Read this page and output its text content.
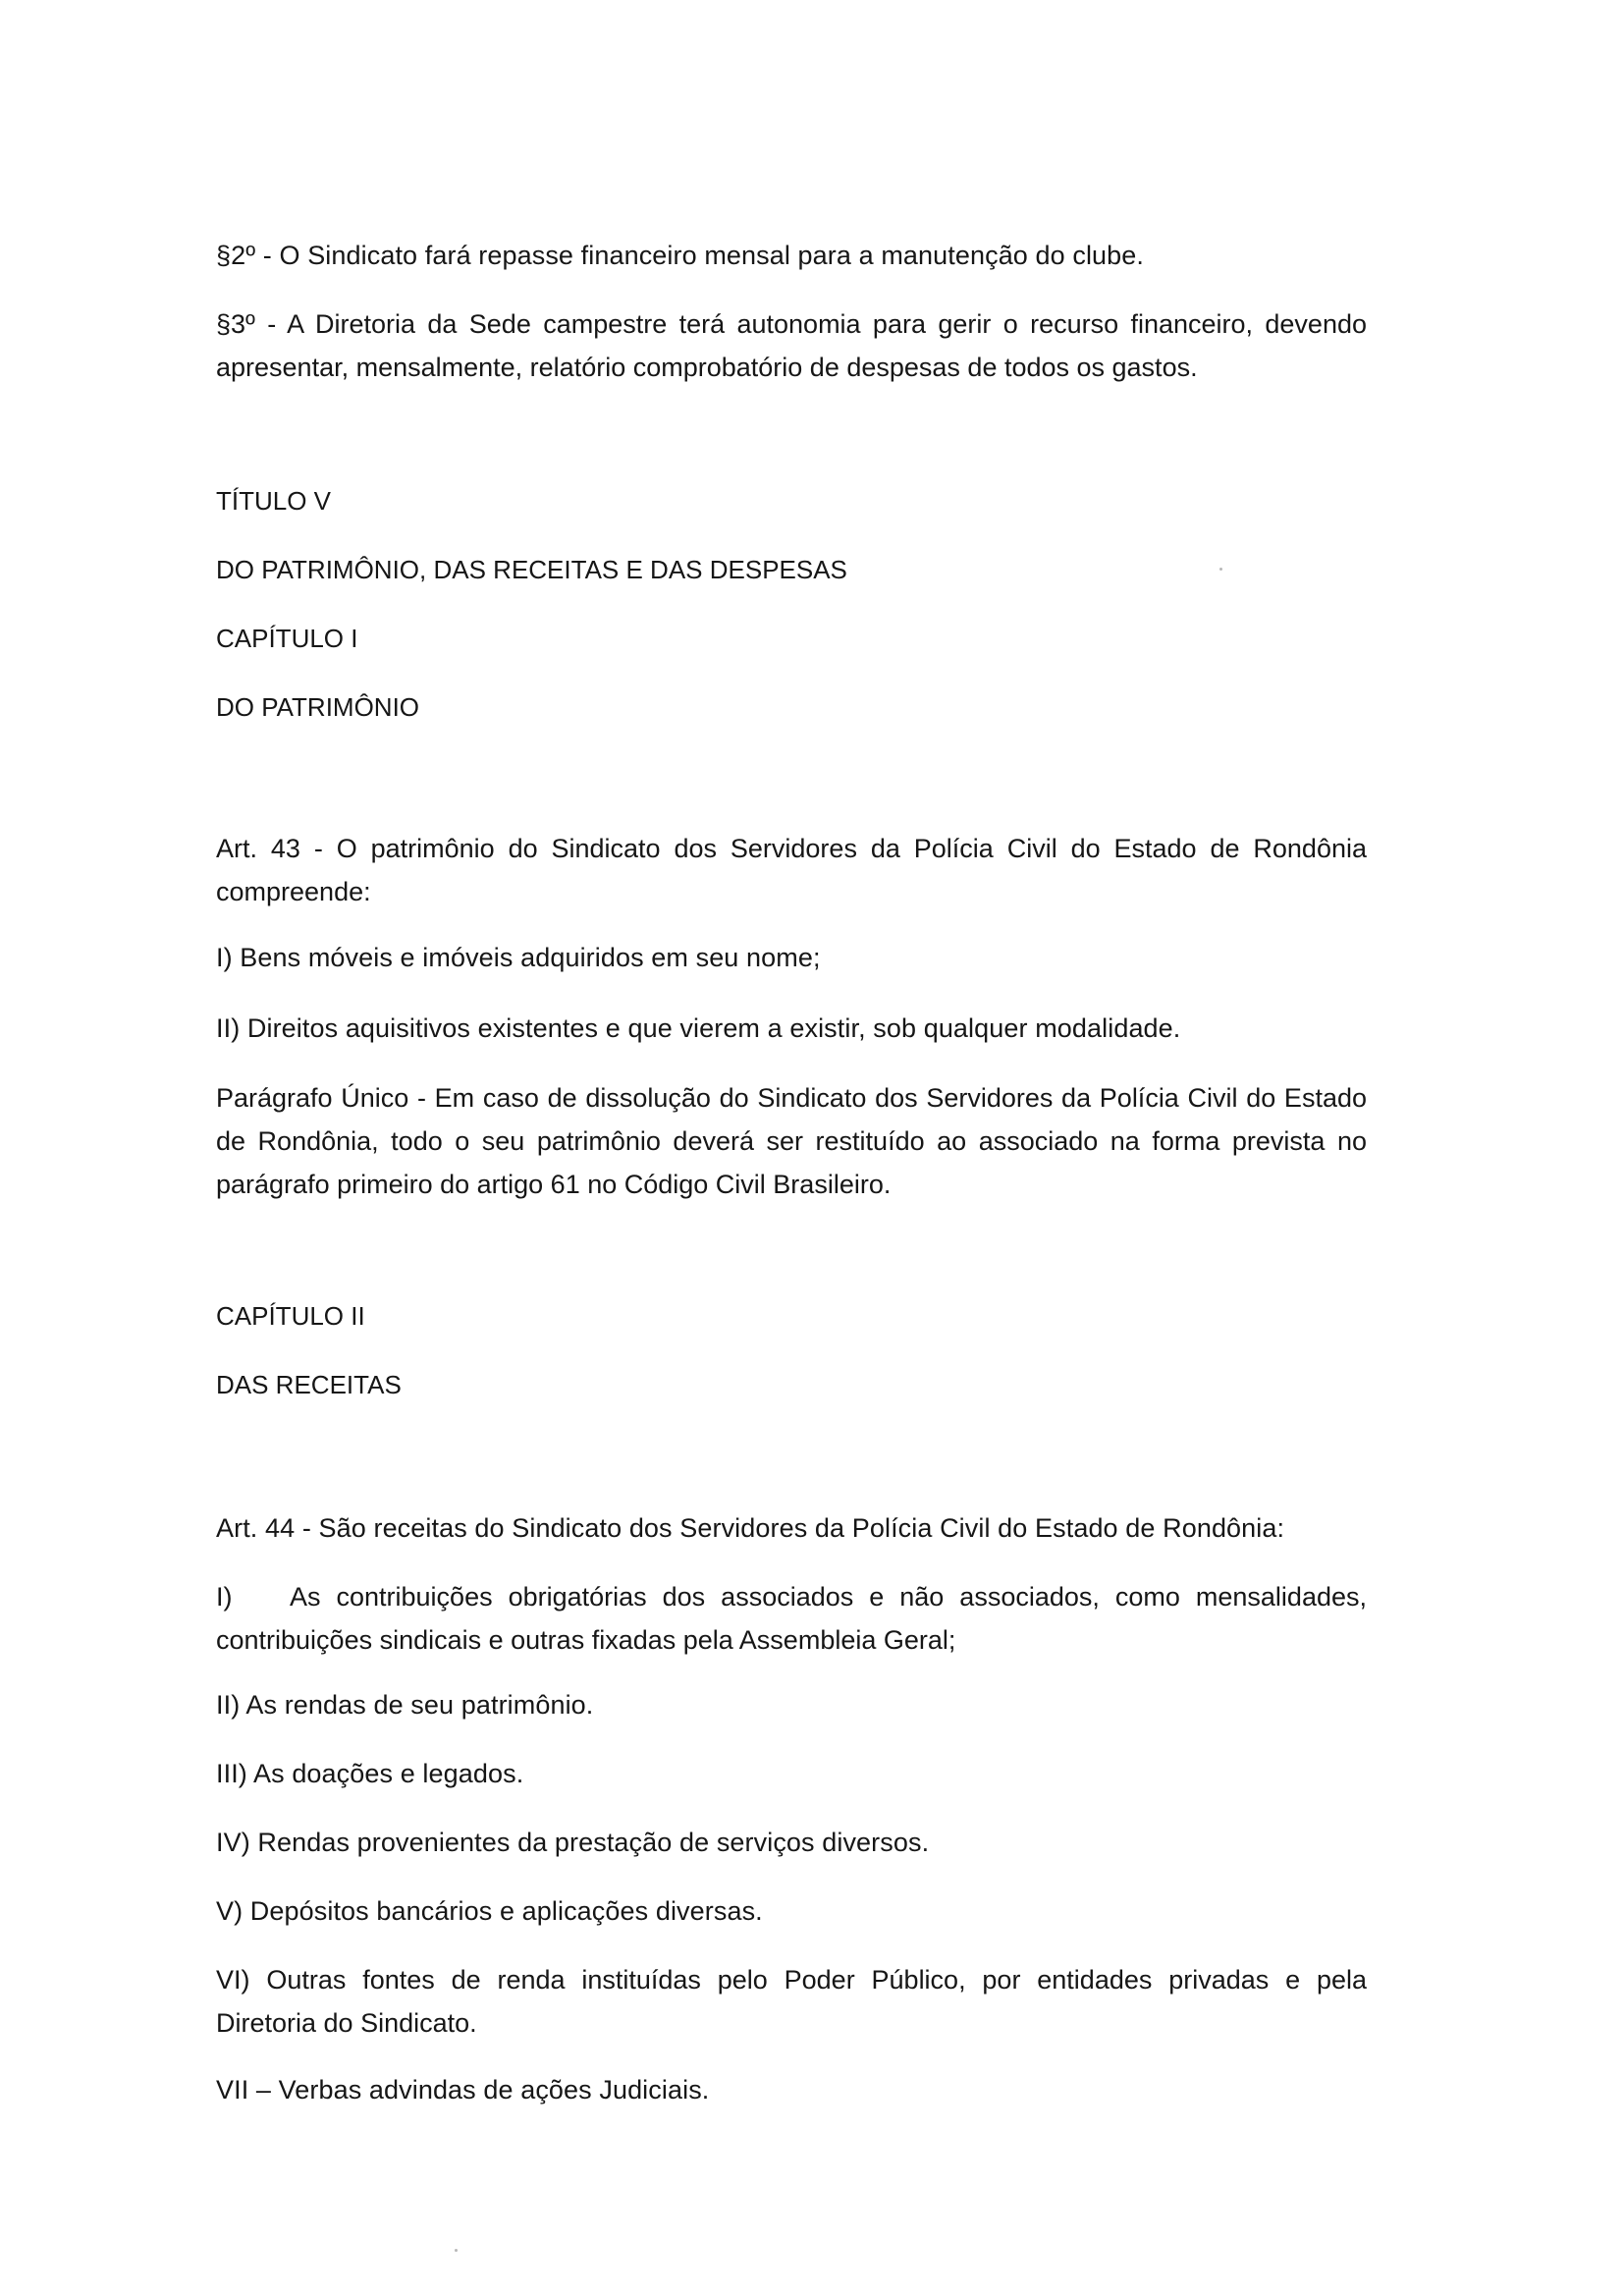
§2º - O Sindicato fará repasse financeiro mensal para a manutenção do clube.
§3º - A Diretoria da Sede campestre terá autonomia para gerir o recurso financeiro, devendo
apresentar, mensalmente, relatório comprobatório de despesas de todos os gastos.
TÍTULO V
DO PATRIMÔNIO, DAS RECEITAS E DAS DESPESAS
CAPÍTULO I
DO PATRIMÔNIO
Art. 43 - O patrimônio do Sindicato dos Servidores da Polícia Civil do Estado de Rondônia
compreende:
I) Bens móveis e imóveis adquiridos em seu nome;
II) Direitos aquisitivos existentes e que vierem a existir, sob qualquer modalidade.
Parágrafo Único - Em caso de dissolução do Sindicato dos Servidores da Polícia Civil do Estado
de Rondônia, todo o seu patrimônio deverá ser restituído ao associado na forma prevista no
parágrafo primeiro do artigo 61 no Código Civil Brasileiro.
CAPÍTULO II
DAS RECEITAS
Art. 44 - São receitas do Sindicato dos Servidores da Polícia Civil do Estado de Rondônia:
I) As contribuições obrigatórias dos associados e não associados, como mensalidades,
contribuições sindicais e outras fixadas pela Assembleia Geral;
II) As rendas de seu patrimônio.
III) As doações e legados.
IV) Rendas provenientes da prestação de serviços diversos.
V) Depósitos bancários e aplicações diversas.
VI) Outras fontes de renda instituídas pelo Poder Público, por entidades privadas e pela
Diretoria do Sindicato.
VII – Verbas advindas de ações Judiciais.
